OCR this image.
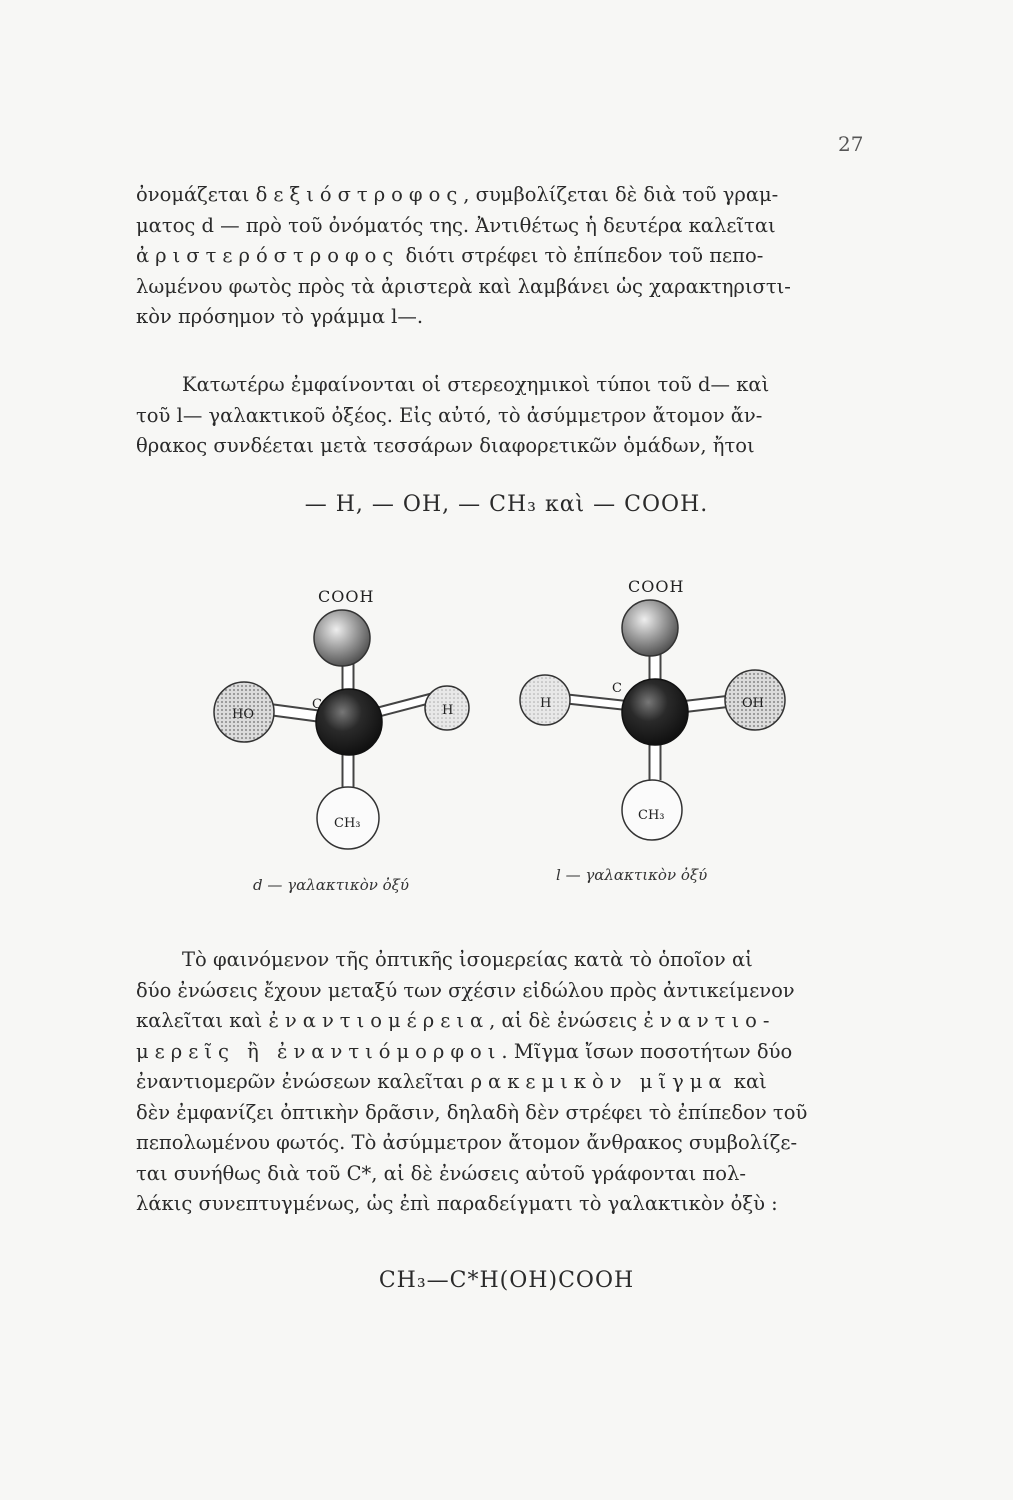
27

ὀνομάζεται δεξιόστροφος, συμβολίζεται δὲ διὰ τοῦ γραμ-

ματος d — πρὸ τοῦ ὀνόματός της. Ἀντιθέτως ἡ δευτέρα καλεῖται

ἀριστερόστροφος διότι στρέφει τὸ ἐπίπεδον τοῦ πεπο-

λωμένου φωτὸς πρὸς τὰ ἀριστερὰ καὶ λαμβάνει ὡς χαρακτηριστι-

κὸν πρόσημον τὸ γράμμα l—.

Κατωτέρω ἐμφαίνονται οἱ στερεοχημικοὶ τύποι τοῦ d— καὶ

τοῦ l— γαλακτικοῦ ὀξέος. Εἰς αὐτό, τὸ ἀσύμμετρον ἄτομον ἄν-

θρακος συνδέεται μετὰ τεσσάρων διαφορετικῶν ὁμάδων, ἤτοι

— H, — OH, — CH₃ καὶ — COOH.
COOH
HO	H
C
CH₃
COOH
H	OH
C
CH₃
d — γαλακτικὸν ὀξύ
l — γαλακτικὸν ὀξύ

Τὸ φαινόμενον τῆς ὀπτικῆς ἰσομερείας κατὰ τὸ ὁποῖον αἱ

δύο ἐνώσεις ἔχουν μεταξύ των σχέσιν εἰδώλου πρὸς ἀντικείμενον

καλεῖται καὶ ἐναντιομέρεια, αἱ δὲ ἐνώσεις ἐναντιο-

μερεῖς ἢ ἐναντιόμορφοι. Μῖγμα ἴσων ποσοτήτων δύο

ἐναντιομερῶν ἐνώσεων καλεῖται ρακεμικὸν μῖγμα καὶ

δὲν ἐμφανίζει ὀπτικὴν δρᾶσιν, δηλαδὴ δὲν στρέφει τὸ ἐπίπεδον τοῦ

πεπολωμένου φωτός. Τὸ ἀσύμμετρον ἄτομον ἄνθρακος συμβολίζε-

ται συνήθως διὰ τοῦ C*, αἱ δὲ ἐνώσεις αὐτοῦ γράφονται πολ-

λάκις συνεπτυγμένως, ὡς ἐπὶ παραδείγματι τὸ γαλακτικὸν ὀξὺ :

CH₃—C*H(OH)COOH
